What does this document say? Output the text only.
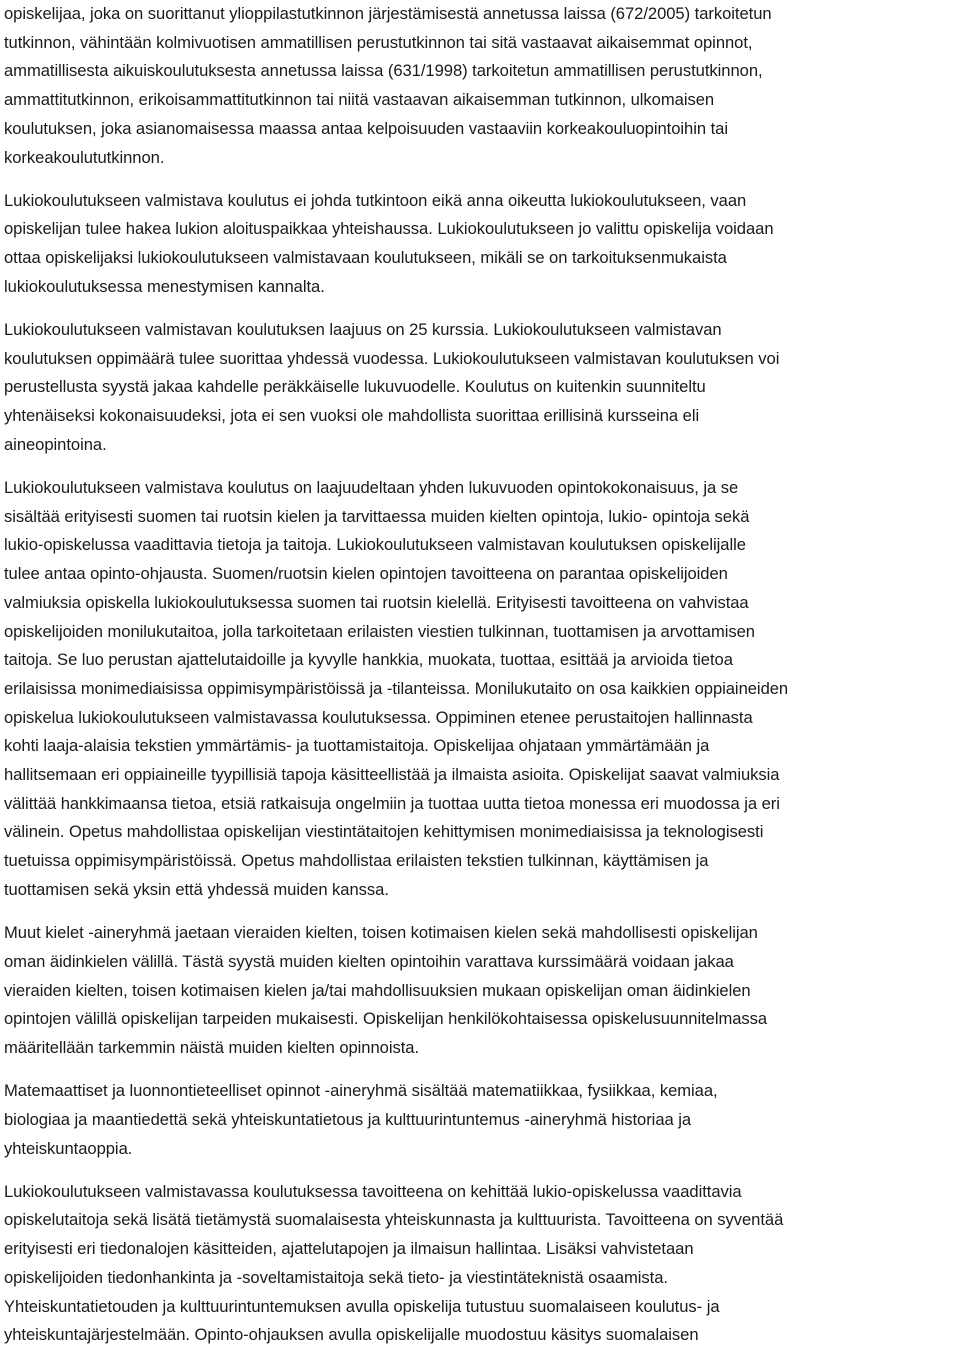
opiskelijaa, joka on suorittanut ylioppilastutkinnon järjestämisestä annetussa laissa (672/2005) tarkoitetun
tutkinnon, vähintään kolmivuotisen ammatillisen perustutkinnon tai sitä vastaavat aikaisemmat opinnot,
ammatillisesta aikuiskoulutuksesta annetussa laissa (631/1998) tarkoitetun ammatillisen perustutkinnon,
ammattitutkinnon, erikoisammattitutkinnon tai niitä vastaavan aikaisemman tutkinnon, ulkomaisen
koulutuksen, joka asianomaisessa maassa antaa kelpoisuuden vastaaviin korkeakouluopintoihin tai
korkeakoulututkinnon.
Lukiokoulutukseen valmistava koulutus ei johda tutkintoon eikä anna oikeutta lukiokoulutukseen, vaan
opiskelijan tulee hakea lukion aloituspaikkaa yhteishaussa. Lukiokoulutukseen jo valittu opiskelija voidaan
ottaa opiskelijaksi lukiokoulutukseen valmistavaan koulutukseen, mikäli se on tarkoituksenmukaista
lukiokoulutuksessa menestymisen kannalta.
Lukiokoulutukseen valmistavan koulutuksen laajuus on 25 kurssia. Lukiokoulutukseen valmistavan
koulutuksen oppimäärä tulee suorittaa yhdessä vuodessa. Lukiokoulutukseen valmistavan koulutuksen voi
perustellusta syystä jakaa kahdelle peräkkäiselle lukuvuodelle. Koulutus on kuitenkin suunniteltu
yhtenäiseksi kokonaisuudeksi, jota ei sen vuoksi ole mahdollista suorittaa erillisinä kursseina eli
aineopintoina.
Lukiokoulutukseen valmistava koulutus on laajuudeltaan yhden lukuvuoden opintokokonaisuus, ja se
sisältää erityisesti suomen tai ruotsin kielen ja tarvittaessa muiden kielten opintoja, lukio- opintoja sekä
lukio-opiskelussa vaadittavia tietoja ja taitoja. Lukiokoulutukseen valmistavan koulutuksen opiskelijalle
tulee antaa opinto-ohjausta. Suomen/ruotsin kielen opintojen tavoitteena on parantaa opiskelijoiden
valmiuksia opiskella lukiokoulutuksessa suomen tai ruotsin kielellä. Erityisesti tavoitteena on vahvistaa
opiskelijoiden monilukutaitoa, jolla tarkoitetaan erilaisten viestien tulkinnan, tuottamisen ja arvottamisen
taitoja. Se luo perustan ajattelutaidoille ja kyvylle hankkia, muokata, tuottaa, esittää ja arvioida tietoa
erilaisissa monimediaisissa oppimisympäristöissä ja -tilanteissa. Monilukutaito on osa kaikkien oppiaineiden
opiskelua lukiokoulutukseen valmistavassa koulutuksessa. Oppiminen etenee perustaitojen hallinnasta
kohti laaja-alaisia tekstien ymmärtämis- ja tuottamistaitoja. Opiskelijaa ohjataan ymmärtämään ja
hallitsemaan eri oppiaineille tyypillisiä tapoja käsitteellistää ja ilmaista asioita. Opiskelijat saavat valmiuksia
välittää hankkimaansa tietoa, etsiä ratkaisuja ongelmiin ja tuottaa uutta tietoa monessa eri muodossa ja eri
välinein. Opetus mahdollistaa opiskelijan viestintätaitojen kehittymisen monimediaisissa ja teknologisesti
tuetuissa oppimisympäristöissä. Opetus mahdollistaa erilaisten tekstien tulkinnan, käyttämisen ja
tuottamisen sekä yksin että yhdessä muiden kanssa.
Muut kielet -aineryhmä jaetaan vieraiden kielten, toisen kotimaisen kielen sekä mahdollisesti opiskelijan
oman äidinkielen välillä. Tästä syystä muiden kielten opintoihin varattava kurssimäärä voidaan jakaa
vieraiden kielten, toisen kotimaisen kielen ja/tai mahdollisuuksien mukaan opiskelijan oman äidinkielen
opintojen välillä opiskelijan tarpeiden mukaisesti. Opiskelijan henkilökohtaisessa opiskelusuunnitelmassa
määritellään tarkemmin näistä muiden kielten opinnoista.
Matemaattiset ja luonnontieteelliset opinnot -aineryhmä sisältää matematiikkaa, fysiikkaa, kemiaa,
biologiaa ja maantiedettä sekä yhteiskuntatietous ja kulttuurintuntemus -aineryhmä historiaa ja
yhteiskuntaoppia.
Lukiokoulutukseen valmistavassa koulutuksessa tavoitteena on kehittää lukio-opiskelussa vaadittavia
opiskelutaitoja sekä lisätä tietämystä suomalaisesta yhteiskunnasta ja kulttuurista. Tavoitteena on syventää
erityisesti eri tiedonalojen käsitteiden, ajattelutapojen ja ilmaisun hallintaa. Lisäksi vahvistetaan
opiskelijoiden tiedonhankinta ja -soveltamistaitoja sekä tieto- ja viestintäteknistä osaamista.
Yhteiskuntatietouden ja kulttuurintuntemuksen avulla opiskelija tutustuu suomalaiseen koulutus- ja
yhteiskuntajärjestelmään. Opinto-ohjauksen avulla opiskelijalle muodostuu käsitys suomalaisen
